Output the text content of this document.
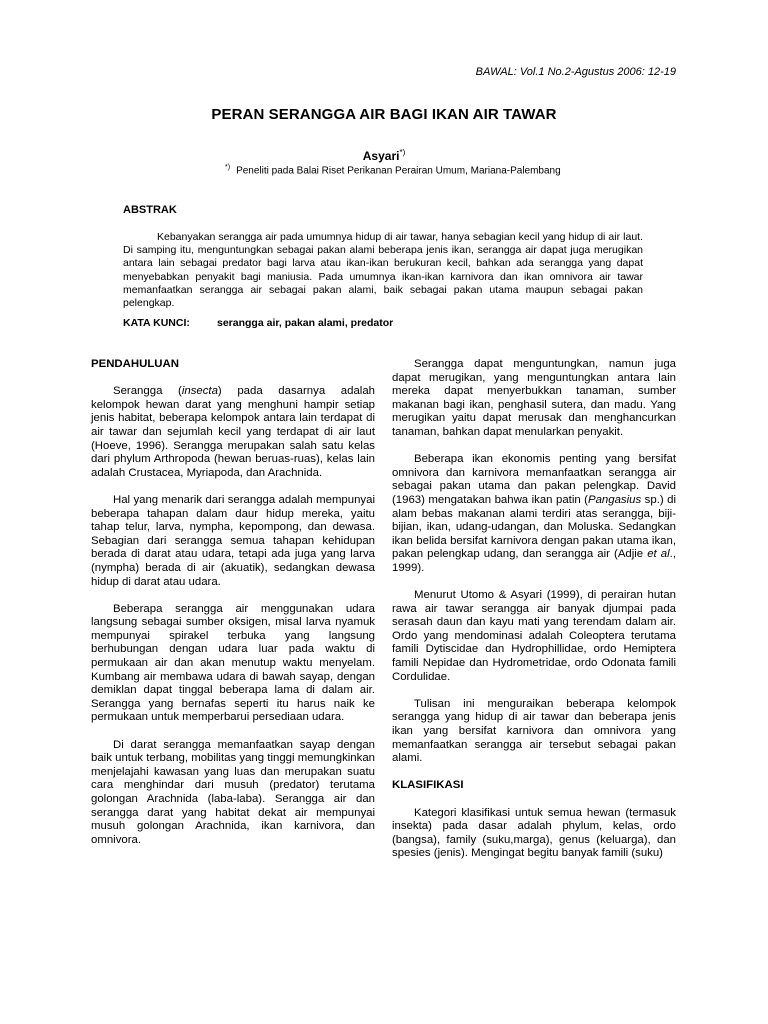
BAWAL: Vol.1 No.2-Agustus 2006: 12-19
PERAN SERANGGA AIR BAGI IKAN AIR TAWAR
Asyari*)
*) Peneliti pada Balai Riset Perikanan Perairan Umum, Mariana-Palembang
ABSTRAK

Kebanyakan serangga air pada umumnya hidup di air tawar, hanya sebagian kecil yang hidup di air laut. Di samping itu, menguntungkan sebagai pakan alami beberapa jenis ikan, serangga air dapat juga merugikan antara lain sebagai predator bagi larva atau ikan-ikan berukuran kecil, bahkan ada serangga yang dapat menyebabkan penyakit bagi maniusia. Pada umumnya ikan-ikan karnivora dan ikan omnivora air tawar memanfaatkan serangga air sebagai pakan alami, baik sebagai pakan utama maupun sebagai pakan pelengkap.

KATA KUNCI:	serangga air, pakan alami, predator
PENDAHULUAN

Serangga (insecta) pada dasarnya adalah kelompok hewan darat yang menghuni hampir setiap jenis habitat, beberapa kelompok antara lain terdapat di air tawar dan sejumlah kecil yang terdapat di air laut (Hoeve, 1996). Serangga merupakan salah satu kelas dari phylum Arthropoda (hewan beruas-ruas), kelas lain adalah Crustacea, Myriapoda, dan Arachnida.

Hal yang menarik dari serangga adalah mempunyai beberapa tahapan dalam daur hidup mereka, yaitu tahap telur, larva, nympha, kepompong, dan dewasa. Sebagian dari serangga semua tahapan kehidupan berada di darat atau udara, tetapi ada juga yang larva (nympha) berada di air (akuatik), sedangkan dewasa hidup di darat atau udara.

Beberapa serangga air menggunakan udara langsung sebagai sumber oksigen, misal larva nyamuk mempunyai spirakel terbuka yang langsung berhubungan dengan udara luar pada waktu di permukaan air dan akan menutup waktu menyelam. Kumbang air membawa udara di bawah sayap, dengan demiklan dapat tinggal beberapa lama di dalam air. Serangga yang bernafas seperti itu harus naik ke permukaan untuk memperbarui persediaan udara.

Di darat serangga memanfaatkan sayap dengan baik untuk terbang, mobilitas yang tinggi memungkinkan menjelajahi kawasan yang luas dan merupakan suatu cara menghindar dari musuh (predator) terutama golongan Arachnida (laba-laba). Serangga air dan serangga darat yang habitat dekat air mempunyai musuh golongan Arachnida, ikan karnivora, dan omnivora.

Serangga dapat menguntungkan, namun juga dapat merugikan, yang menguntungkan antara lain mereka dapat menyerbukkan tanaman, sumber makanan bagi ikan, penghasil sutera, dan madu. Yang merugikan yaitu dapat merusak dan menghancurkan tanaman, bahkan dapat menularkan penyakit.

Beberapa ikan ekonomis penting yang bersifat omnivora dan karnivora memanfaatkan serangga air sebagai pakan utama dan pakan pelengkap. David (1963) mengatakan bahwa ikan patin (Pangasius sp.) di alam bebas makanan alami terdiri atas serangga, biji-bijian, ikan, udang-udangan, dan Moluska. Sedangkan ikan belida bersifat karnivora dengan pakan utama ikan, pakan pelengkap udang, dan serangga air (Adjie et al., 1999).

Menurut Utomo & Asyari (1999), di perairan hutan rawa air tawar serangga air banyak djumpai pada serasah daun dan kayu mati yang terendam dalam air. Ordo yang mendominasi adalah Coleoptera terutama famili Dytiscidae dan Hydrophillidae, ordo Hemiptera famili Nepidae dan Hydrometridae, ordo Odonata famili Cordulidae.

Tulisan ini menguraikan beberapa kelompok serangga yang hidup di air tawar dan beberapa jenis ikan yang bersifat karnivora dan omnivora yang memanfaatkan serangga air tersebut sebagai pakan alami.

KLASIFIKASI

Kategori klasifikasi untuk semua hewan (termasuk insekta) pada dasar adalah phylum, kelas, ordo (bangsa), family (suku,marga), genus (keluarga), dan spesies (jenis). Mengingat begitu banyak famili (suku)
